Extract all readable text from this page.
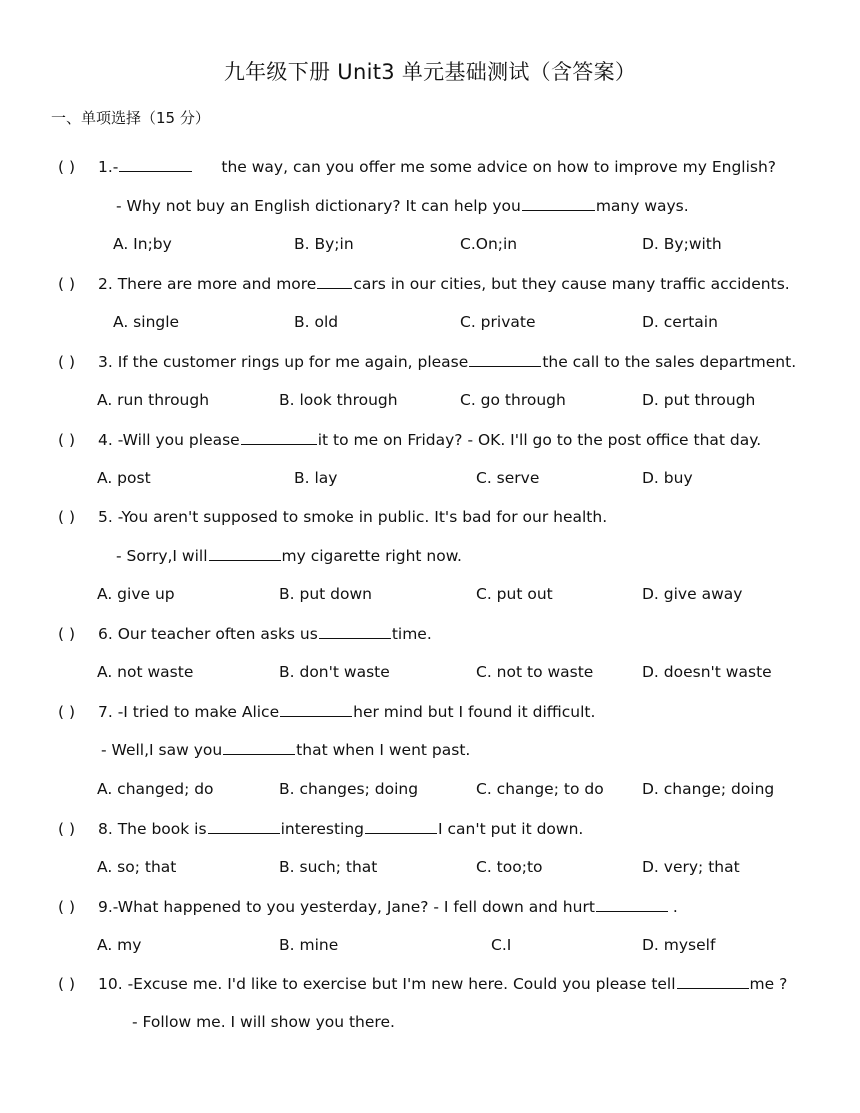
九年级下册 Unit3 单元基础测试（含答案）
一、单项选择（15 分）
( ) 1.-	the way, can you offer me some advice on how to improve my English?
- Why not buy an English dictionary? It can help you	many ways.
A. In;by	B. By;in	C.On;in	D. By;with
( ) 2. There are more and more cars in our cities, but they cause many traffic accidents.
A. single	B. old	C. private	D. certain
( ) 3. If the customer rings up for me again, please	the call to the sales department.
A. run through	B. look through	C. go through	D. put through
( ) 4. -Will you please	it to me on Friday? - OK. I'll go to the post office that day.
A. post	B. lay	C. serve	D. buy
( ) 5. -You aren't supposed to smoke in public. It's bad for our health.
- Sorry,I will	my cigarette right now.
A. give up	B. put down	C. put out	D. give away
( ) 6. Our teacher often asks us	time.
A. not waste	B. don't waste	C. not to waste	D. doesn't waste
( ) 7. -I tried to make Alice	her mind but I found it difficult.
- Well,I saw you	that when I went past.
A. changed; do	B. changes; doing	C. change; to do D. change; doing
( ) 8. The book is	interesting	I can't put it down.
A. so; that	B. such; that	C. too;to	D. very; that
( ) 9.-What happened to you yesterday, Jane? - I fell down and hurt	.
A. my	B. mine	C.I	D. myself
( ) 10. -Excuse me. I'd like to exercise but I'm new here. Could you please tell	me ?
- Follow me. I will show you there.
